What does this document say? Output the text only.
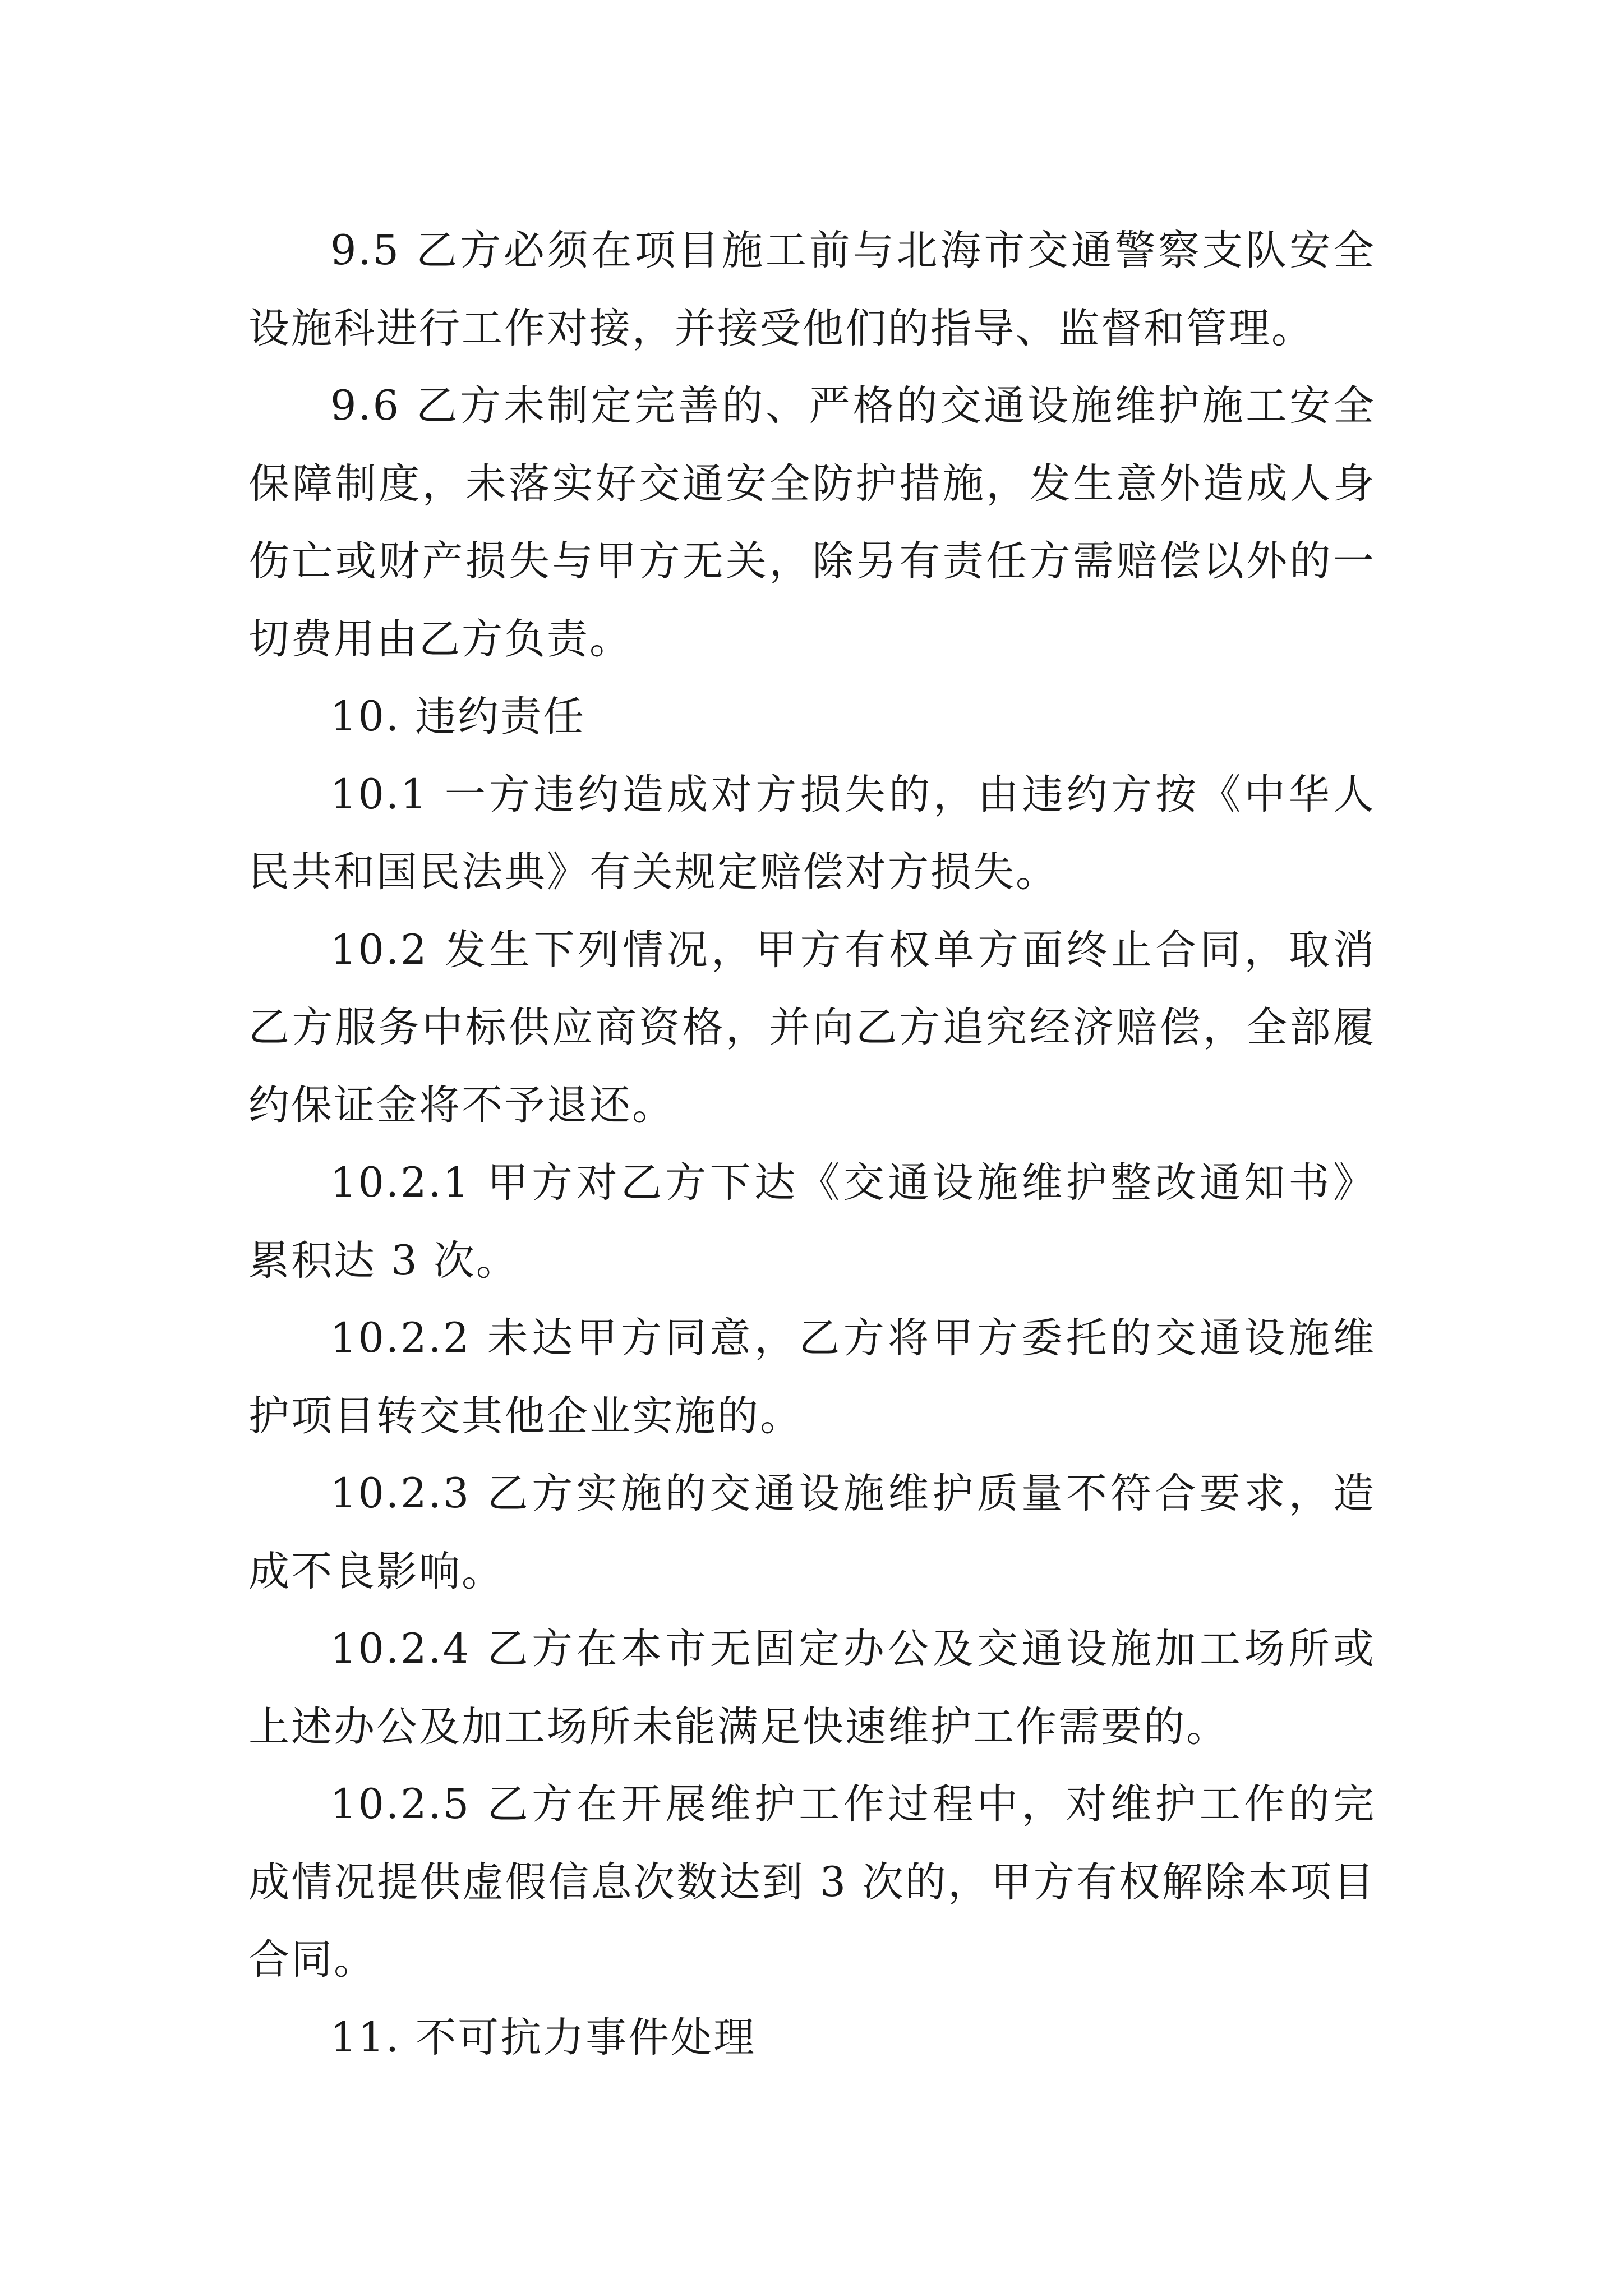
9.5 乙方必须在项目施工前与北海市交通警察支队安全设施科进行工作对接，并接受他们的指导、监督和管理。

9.6 乙方未制定完善的、严格的交通设施维护施工安全保障制度，未落实好交通安全防护措施，发生意外造成人身伤亡或财产损失与甲方无关，除另有责任方需赔偿以外的一切费用由乙方负责。

10. 违约责任

10.1 一方违约造成对方损失的，由违约方按《中华人民共和国民法典》有关规定赔偿对方损失。

10.2 发生下列情况，甲方有权单方面终止合同，取消乙方服务中标供应商资格，并向乙方追究经济赔偿，全部履约保证金将不予退还。

10.2.1 甲方对乙方下达《交通设施维护整改通知书》累积达 3 次。

10.2.2 未达甲方同意，乙方将甲方委托的交通设施维护项目转交其他企业实施的。

10.2.3 乙方实施的交通设施维护质量不符合要求，造成不良影响。

10.2.4 乙方在本市无固定办公及交通设施加工场所或上述办公及加工场所未能满足快速维护工作需要的。

10.2.5 乙方在开展维护工作过程中，对维护工作的完成情况提供虚假信息次数达到 3 次的，甲方有权解除本项目合同。

11. 不可抗力事件处理
